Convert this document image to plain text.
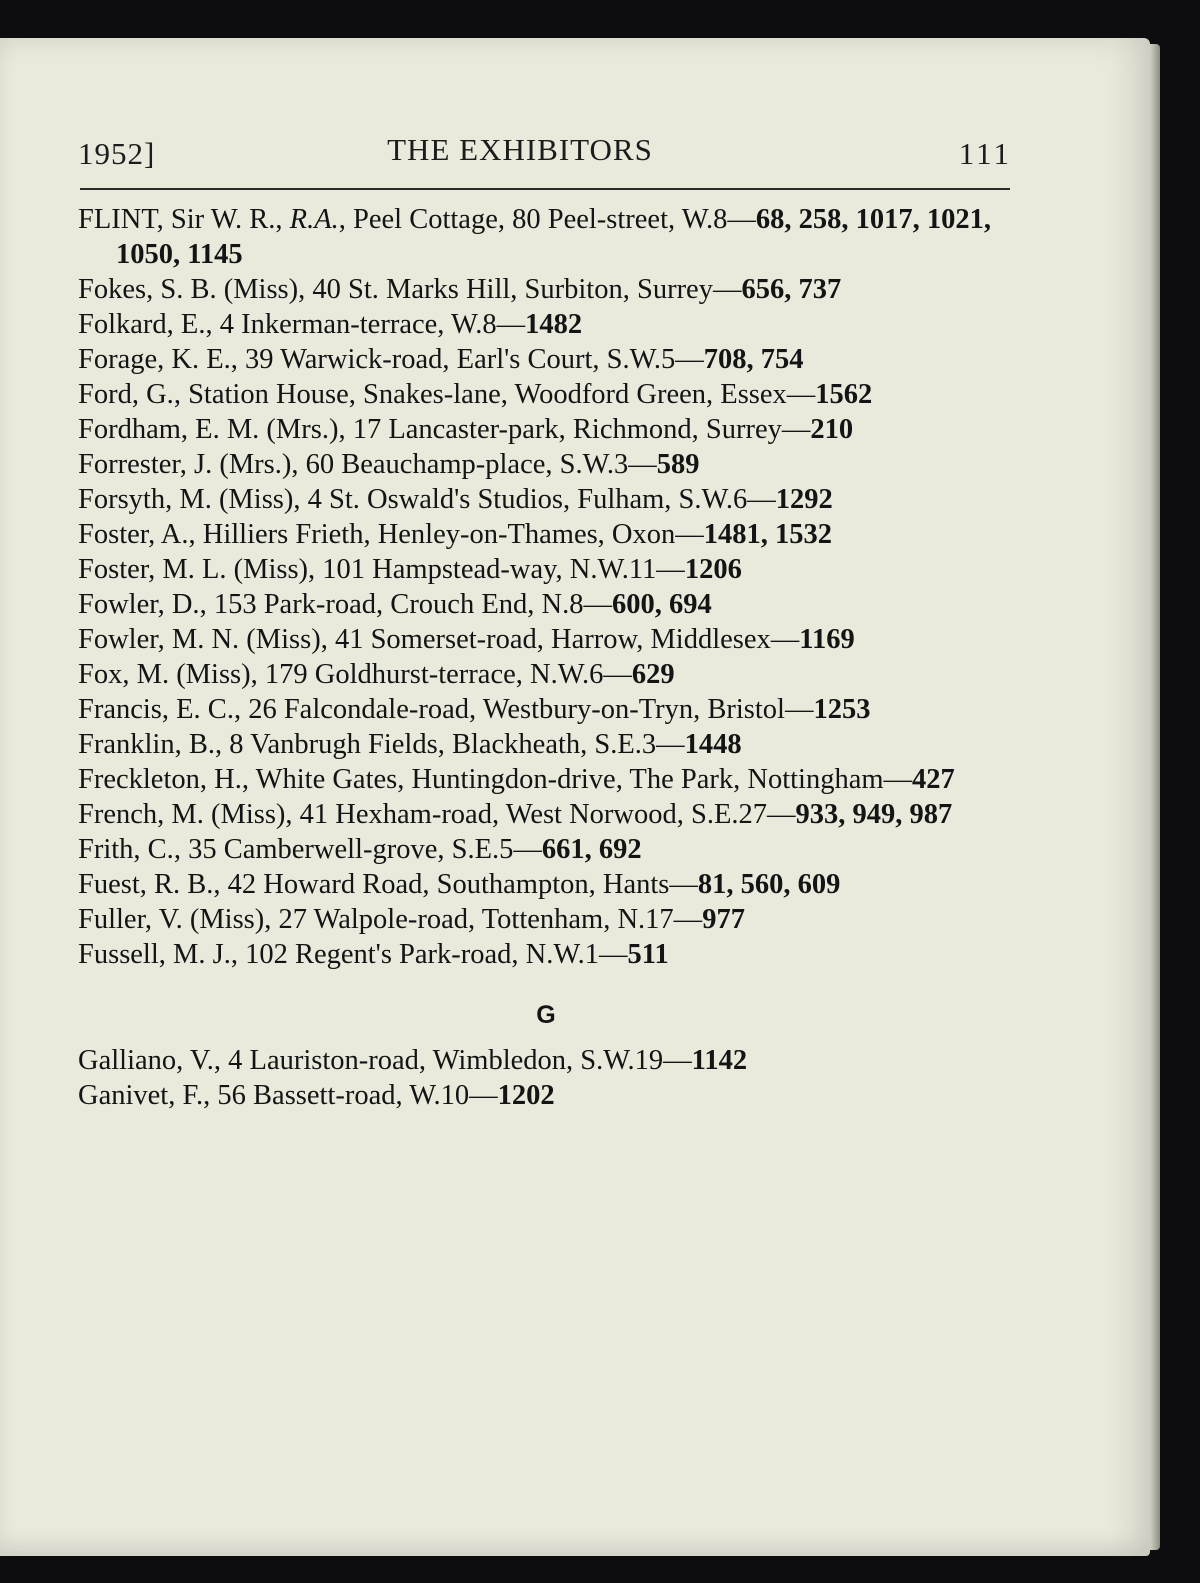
1952]	THE EXHIBITORS	111
FLINT, Sir W. R., R.A., Peel Cottage, 80 Peel-street, W.8—68, 258, 1017, 1021, 1050, 1145
Fokes, S. B. (Miss), 40 St. Marks Hill, Surbiton, Surrey—656, 737
Folkard, E., 4 Inkerman-terrace, W.8—1482
Forage, K. E., 39 Warwick-road, Earl's Court, S.W.5—708, 754
Ford, G., Station House, Snakes-lane, Woodford Green, Essex—1562
Fordham, E. M. (Mrs.), 17 Lancaster-park, Richmond, Surrey—210
Forrester, J. (Mrs.), 60 Beauchamp-place, S.W.3—589
Forsyth, M. (Miss), 4 St. Oswald's Studios, Fulham, S.W.6—1292
Foster, A., Hilliers Frieth, Henley-on-Thames, Oxon—1481, 1532
Foster, M. L. (Miss), 101 Hampstead-way, N.W.11—1206
Fowler, D., 153 Park-road, Crouch End, N.8—600, 694
Fowler, M. N. (Miss), 41 Somerset-road, Harrow, Middlesex—1169
Fox, M. (Miss), 179 Goldhurst-terrace, N.W.6—629
Francis, E. C., 26 Falcondale-road, Westbury-on-Tryn, Bristol—1253
Franklin, B., 8 Vanbrugh Fields, Blackheath, S.E.3—1448
Freckleton, H., White Gates, Huntingdon-drive, The Park, Nottingham—427
French, M. (Miss), 41 Hexham-road, West Norwood, S.E.27—933, 949, 987
Frith, C., 35 Camberwell-grove, S.E.5—661, 692
Fuest, R. B., 42 Howard Road, Southampton, Hants—81, 560, 609
Fuller, V. (Miss), 27 Walpole-road, Tottenham, N.17—977
Fussell, M. J., 102 Regent's Park-road, N.W.1—511
G
Galliano, V., 4 Lauriston-road, Wimbledon, S.W.19—1142
Ganivet, F., 56 Bassett-road, W.10—1202
